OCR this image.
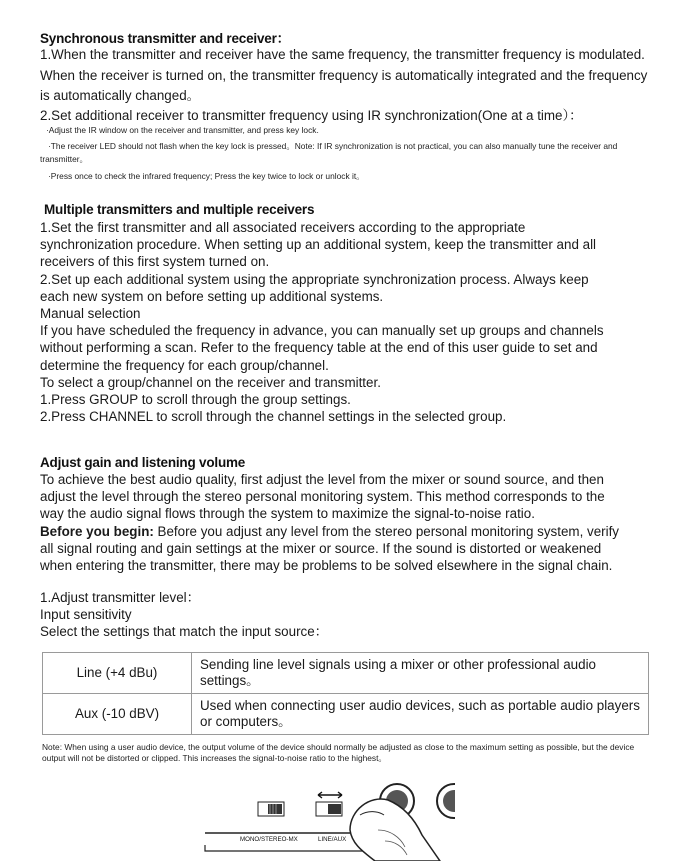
Synchronous transmitter and receiver：

1.When the transmitter and receiver have the same frequency, the transmitter frequency is modulated. When the receiver is turned on, the transmitter frequency is automatically integrated and the frequency is automatically changed。

2.Set additional receiver to transmitter frequency using IR synchronization(One at a time）：

·Adjust the IR window on the receiver and transmitter, and press key lock.

·The receiver LED should not flash when the key lock is pressed。Note: If IR synchronization is not practical, you can also manually tune the receiver and transmitter。

·Press once to check the infrared frequency; Press the key twice to lock or unlock it。

Multiple transmitters and multiple receivers
1.Set the first transmitter and all associated receivers according to the appropriate
synchronization procedure. When setting up an additional system, keep the transmitter and all
receivers of this first system turned on.
2.Set up each additional system using the appropriate synchronization process. Always keep
each new system on before setting up additional systems.
Manual selection
If you have scheduled the frequency in advance, you can manually set up groups and channels
without performing a scan. Refer to the frequency table at the end of this user guide to set and
determine the frequency for each group/channel.
To select a group/channel on the receiver and transmitter.
1.Press GROUP to scroll through the group settings.
2.Press CHANNEL to scroll through the channel settings in the selected group.
Adjust gain and listening volume
To achieve the best audio quality, first adjust the level from the mixer or sound source, and then
adjust the level through the stereo personal monitoring system. This method corresponds to the
way the audio signal flows through the system to maximize the signal-to-noise ratio.
Before you begin: Before you adjust any level from the stereo personal monitoring system, verify
all signal routing and gain settings at the mixer or source. If the sound is distorted or weakened
when entering the transmitter, there may be problems to be solved elsewhere in the signal chain.
1.Adjust transmitter level：
Input sensitivity
Select the settings that match the input source：
Line (+4 dBu)	Sending line level signals using a mixer or other professional audio settings。
Aux (-10 dBV)	Used when connecting user audio devices, such as portable audio players or computers。
Note: When using a user audio device, the output volume of the device should normally be adjusted as close to the maximum setting as possible, but the device output will not be distorted or clipped. This increases the signal-to-noise ratio to the highest。
MONO/STEREO-MX	LINE/AUX
